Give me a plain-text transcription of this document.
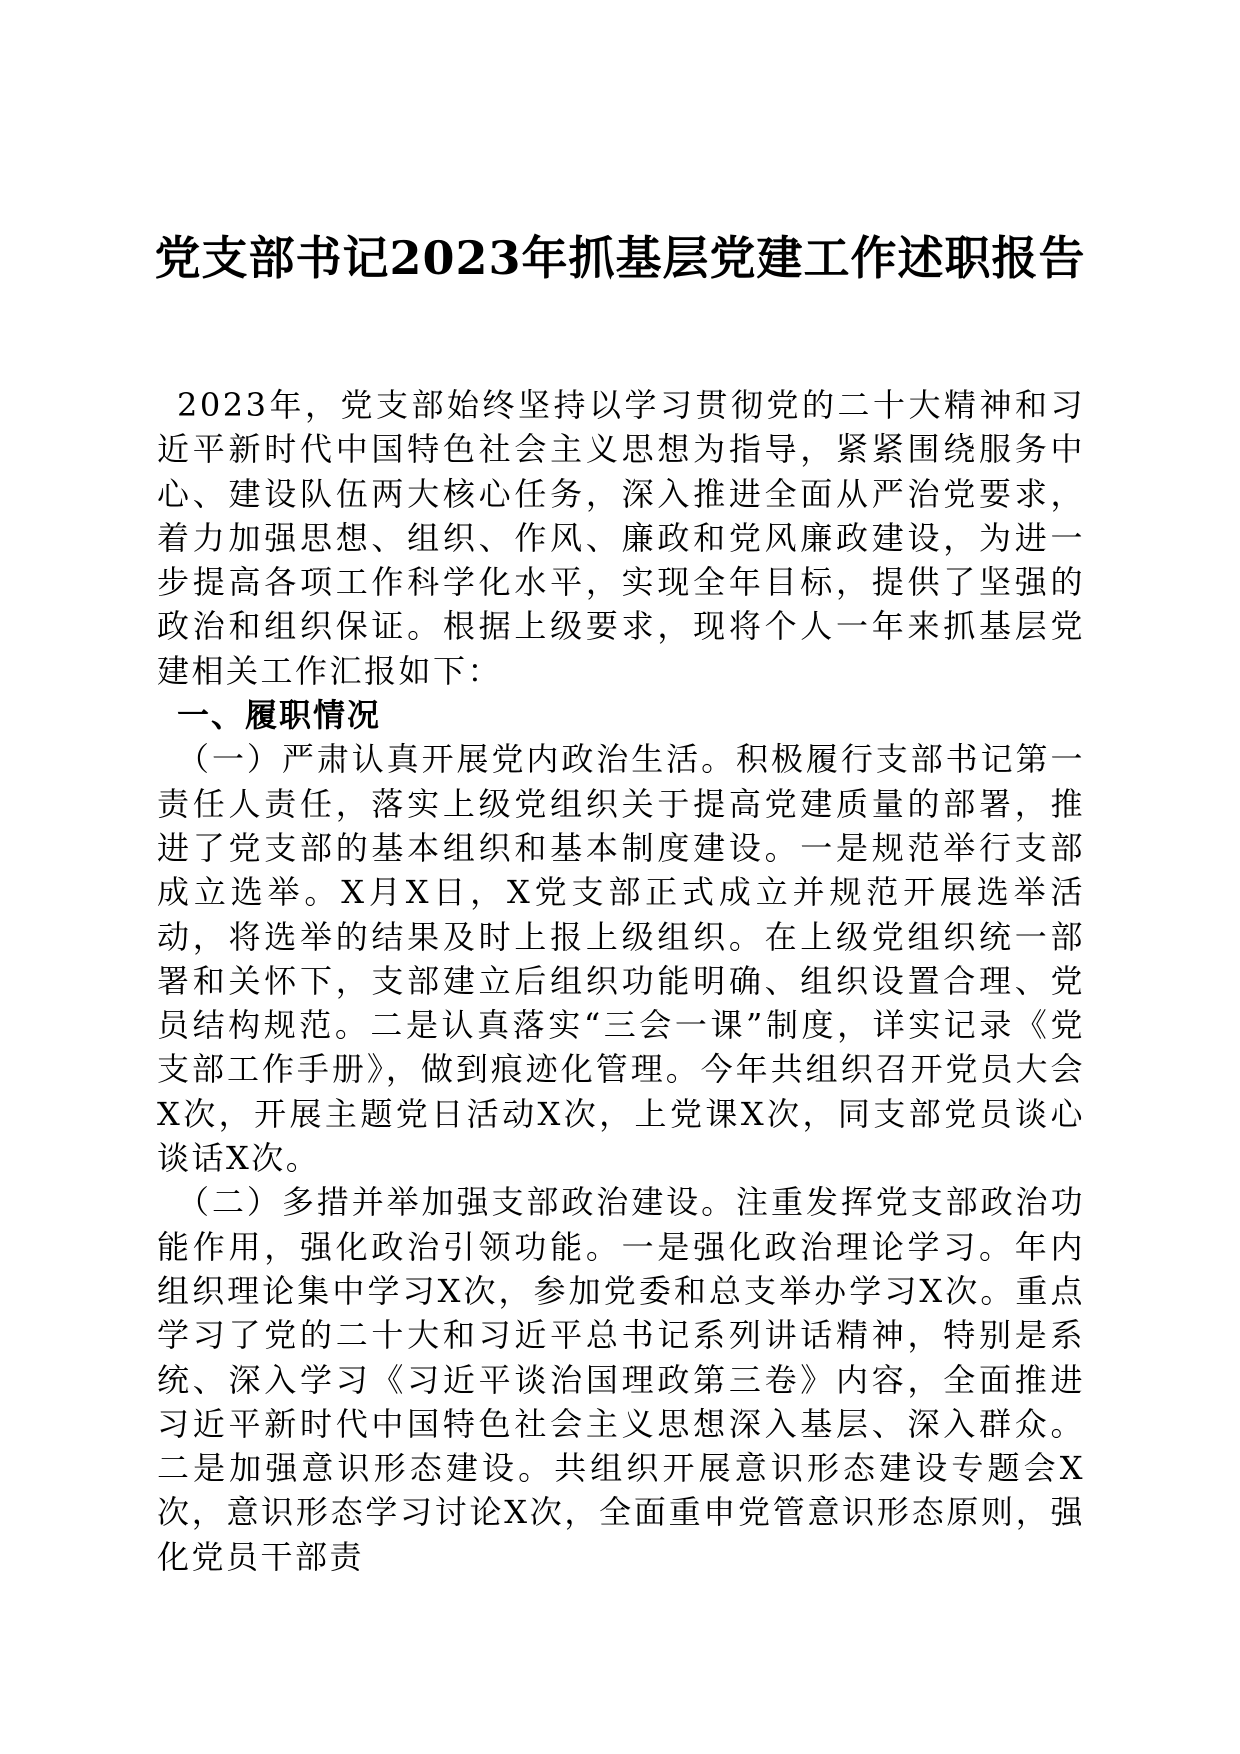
党支部书记2023年抓基层党建工作述职报告

2023年，党支部始终坚持以学习贯彻党的二十大精神和习近平新时代中国特色社会主义思想为指导，紧紧围绕服务中心、建设队伍两大核心任务，深入推进全面从严治党要求，着力加强思想、组织、作风、廉政和党风廉政建设，为进一步提高各项工作科学化水平，实现全年目标，提供了坚强的政治和组织保证。根据上级要求，现将个人一年来抓基层党建相关工作汇报如下：

一、履职情况

（一）严肃认真开展党内政治生活。积极履行支部书记第一责任人责任，落实上级党组织关于提高党建质量的部署，推进了党支部的基本组织和基本制度建设。一是规范举行支部成立选举。X月X日，X党支部正式成立并规范开展选举活动，将选举的结果及时上报上级组织。在上级党组织统一部署和关怀下，支部建立后组织功能明确、组织设置合理、党员结构规范。二是认真落实“三会一课”制度，详实记录《党支部工作手册》，做到痕迹化管理。今年共组织召开党员大会X次，开展主题党日活动X次，上党课X次，同支部党员谈心谈话X次。

（二）多措并举加强支部政治建设。注重发挥党支部政治功能作用，强化政治引领功能。一是强化政治理论学习。年内组织理论集中学习X次，参加党委和总支举办学习X次。重点学习了党的二十大和习近平总书记系列讲话精神，特别是系统、深入学习《习近平谈治国理政第三卷》内容，全面推进习近平新时代中国特色社会主义思想深入基层、深入群众。二是加强意识形态建设。共组织开展意识形态建设专题会X次，意识形态学习讨论X次，全面重申党管意识形态原则，强化党员干部责
